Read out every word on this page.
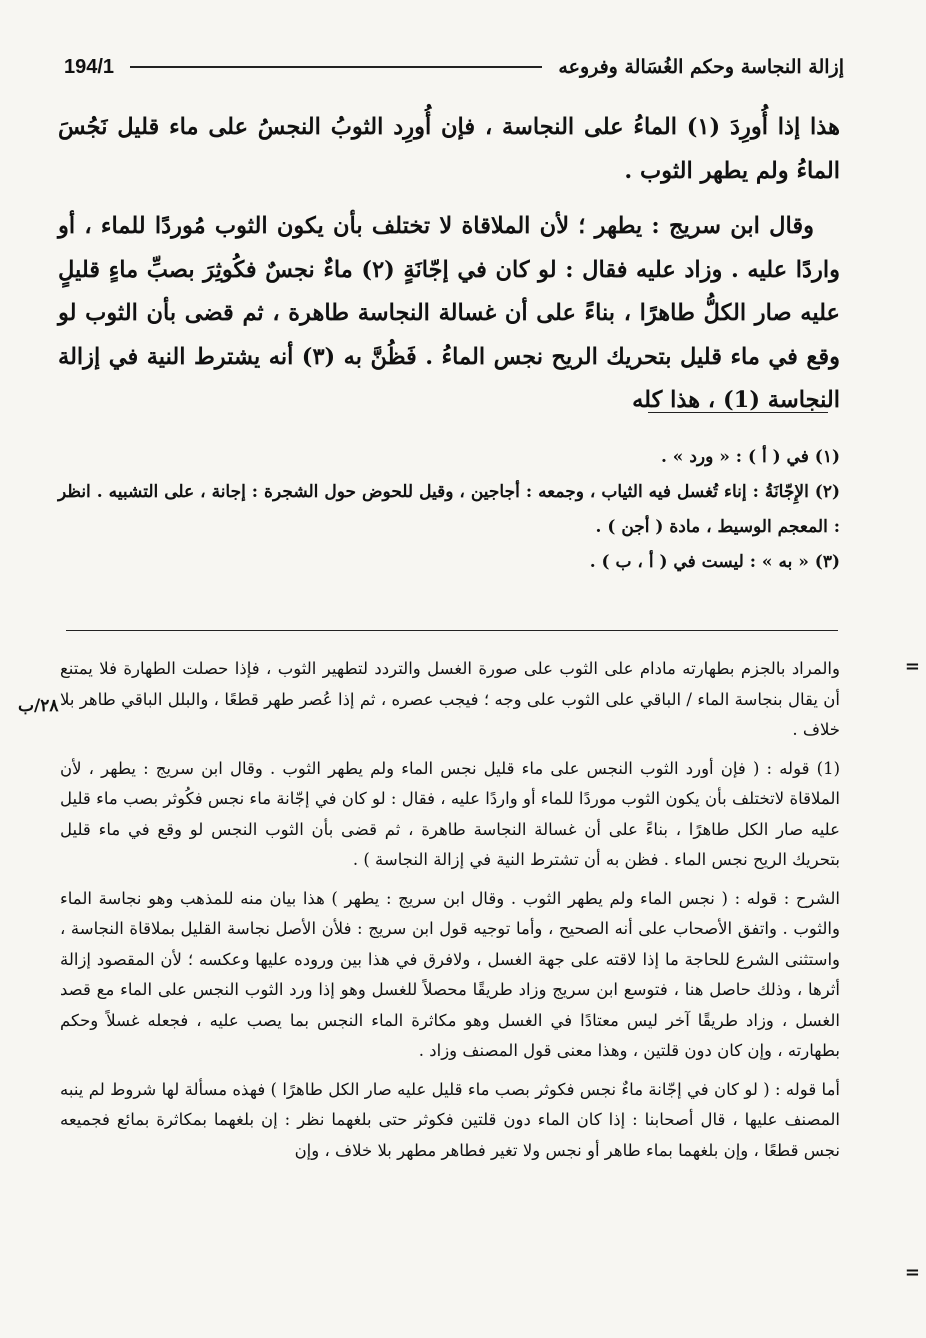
194/1	إزالة النجاسة وحكم الغُسَالة وفروعه

هذا إذا أُورِدَ (١) الماءُ على النجاسة ، فإن أُورِد الثوبُ النجسُ على ماء قليل نَجُسَ الماءُ ولم يطهر الثوب .

وقال ابن سريج : يطهر ؛ لأن الملاقاة لا تختلف بأن يكون الثوب مُوردًا للماء ، أو واردًا عليه . وزاد عليه فقال : لو كان في إجّانَةٍ (٢) ماءٌ نجسٌ فكُوثِرَ بصبِّ ماءٍ قليلٍ عليه صار الكلُّ طاهرًا ، بناءً على أن غسالة النجاسة طاهرة ، ثم قضى بأن الثوب لو وقع في ماء قليل بتحريك الريح نجس الماءُ . فَظُنَّ به (٣) أنه يشترط النية في إزالة النجاسة (1) ، هذا كله

(١) في ( أ ) : « ورد » .

(٢) الإِجّانَةُ : إناء تُغسل فيه الثياب ، وجمعه : أجاجين ، وقيل للحوض حول الشجرة : إجانة ، على التشبيه . انظر : المعجم الوسيط ، مادة ( أجن ) .

(٣) « به » : ليست في ( أ ، ب ) .

=
٢٨/ب

والمراد بالجزم بطهارته مادام على الثوب على صورة الغسل والتردد لتطهير الثوب ، فإذا حصلت الطهارة فلا يمتنع أن يقال بنجاسة الماء / الباقي على الثوب على وجه ؛ فيجب عصره ، ثم إذا عُصر طهر قطعًا ، والبلل الباقي طاهر بلا خلاف .

(1) قوله : ( فإن أورد الثوب النجس على ماء قليل نجس الماء ولم يطهر الثوب . وقال ابن سريج : يطهر ، لأن الملاقاة لاتختلف بأن يكون الثوب موردًا للماء أو واردًا عليه ، فقال : لو كان في إجّانة ماء نجس فكُوثر بصب ماء قليل عليه صار الكل طاهرًا ، بناءً على أن غسالة النجاسة طاهرة ، ثم قضى بأن الثوب النجس لو وقع في ماء قليل بتحريك الريح نجس الماء . فظن به أن تشترط النية في إزالة النجاسة ) .

الشرح : قوله : ( نجس الماء ولم يطهر الثوب . وقال ابن سريج : يطهر ) هذا بيان منه للمذهب وهو نجاسة الماء والثوب . واتفق الأصحاب على أنه الصحيح ، وأما توجيه قول ابن سريج : فلأن الأصل نجاسة القليل بملاقاة النجاسة ، واستثنى الشرع للحاجة ما إذا لاقته على جهة الغسل ، ولافرق في هذا بين وروده عليها وعكسه ؛ لأن المقصود إزالة أثرها ، وذلك حاصل هنا ، فتوسع ابن سريج وزاد طريقًا محصلاً للغسل وهو إذا ورد الثوب النجس على الماء مع قصد الغسل ، وزاد طريقًا آخر ليس معتادًا في الغسل وهو مكاثرة الماء النجس بما يصب عليه ، فجعله غسلاً وحكم بطهارته ، وإن كان دون قلتين ، وهذا معنى قول المصنف وزاد .

أما قوله : ( لو كان في إجّانة ماءٌ نجس فكوثر بصب ماء قليل عليه صار الكل طاهرًا ) فهذه مسألة لها شروط لم ينبه المصنف عليها ، قال أصحابنا : إذا كان الماء دون قلتين فكوثر حتى بلغهما نظر : إن بلغهما بمكاثرة بمائع فجميعه نجس قطعًا ، وإن بلغهما بماء طاهر أو نجس ولا تغير فطاهر مطهر بلا خلاف ، وإن

=
